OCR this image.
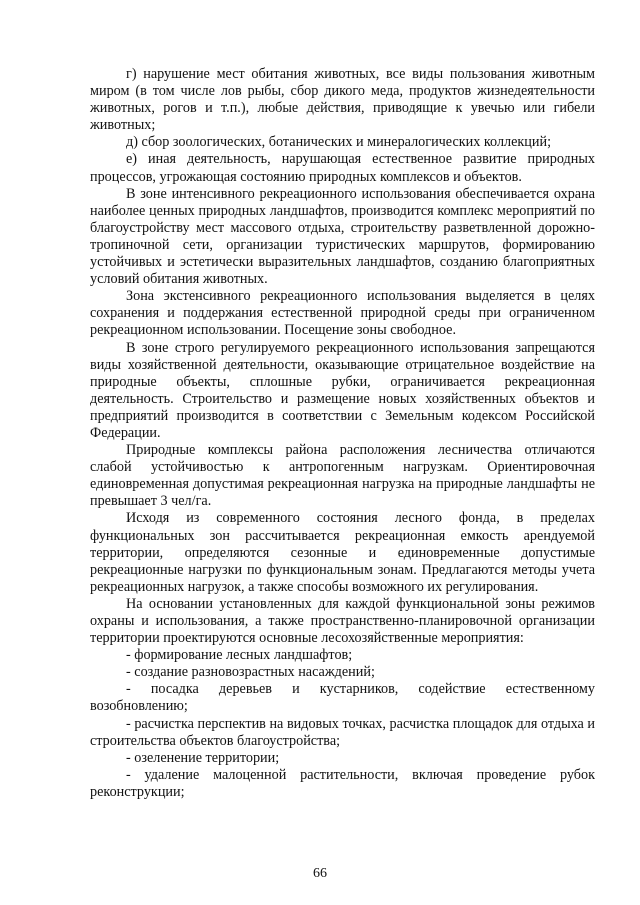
г) нарушение мест обитания животных, все виды пользования животным миром (в том числе лов рыбы, сбор дикого меда, продуктов жизнедеятельности животных, рогов и т.п.), любые действия, приводящие к увечью или гибели животных;

д) сбор зоологических, ботанических и минералогических коллекций;

е) иная деятельность, нарушающая естественное развитие природных процессов, угрожающая состоянию природных комплексов и объектов.

В зоне интенсивного рекреационного использования обеспечивается охрана наиболее ценных природных ландшафтов, производится комплекс мероприятий по благоустройству мест массового отдыха, строительству разветвленной дорожно-тропиночной сети, организации туристических маршрутов, формированию устойчивых и эстетически выразительных ландшафтов, созданию благоприятных условий обитания животных.

Зона экстенсивного рекреационного использования выделяется в целях сохранения и поддержания естественной природной среды при ограниченном рекреационном использовании. Посещение зоны свободное.

В зоне строго регулируемого рекреационного использования запрещаются виды хозяйственной деятельности, оказывающие отрицательное воздействие на природные объекты, сплошные рубки, ограничивается рекреационная деятельность. Строительство и размещение новых хозяйственных объектов и предприятий производится в соответствии с Земельным кодексом Российской Федерации.

Природные комплексы района расположения лесничества отличаются слабой устойчивостью к антропогенным нагрузкам. Ориентировочная единовременная допустимая рекреационная нагрузка на природные ландшафты не превышает 3 чел/га.

Исходя из современного состояния лесного фонда, в пределах функциональных зон рассчитывается рекреационная емкость арендуемой территории, определяются сезонные и единовременные допустимые рекреационные нагрузки по функциональным зонам. Предлагаются методы учета рекреационных нагрузок, а также способы возможного их регулирования.

На основании установленных для каждой функциональной зоны режимов охраны и использования, а также пространственно-планировочной организации территории проектируются основные лесохозяйственные мероприятия:

- формирование лесных ландшафтов;

- создание разновозрастных насаждений;

- посадка деревьев и кустарников, содействие естественному возобновлению;

- расчистка перспектив на видовых точках, расчистка площадок для отдыха и строительства объектов благоустройства;

- озеленение территории;

- удаление малоценной растительности, включая проведение рубок реконструкции;

66
